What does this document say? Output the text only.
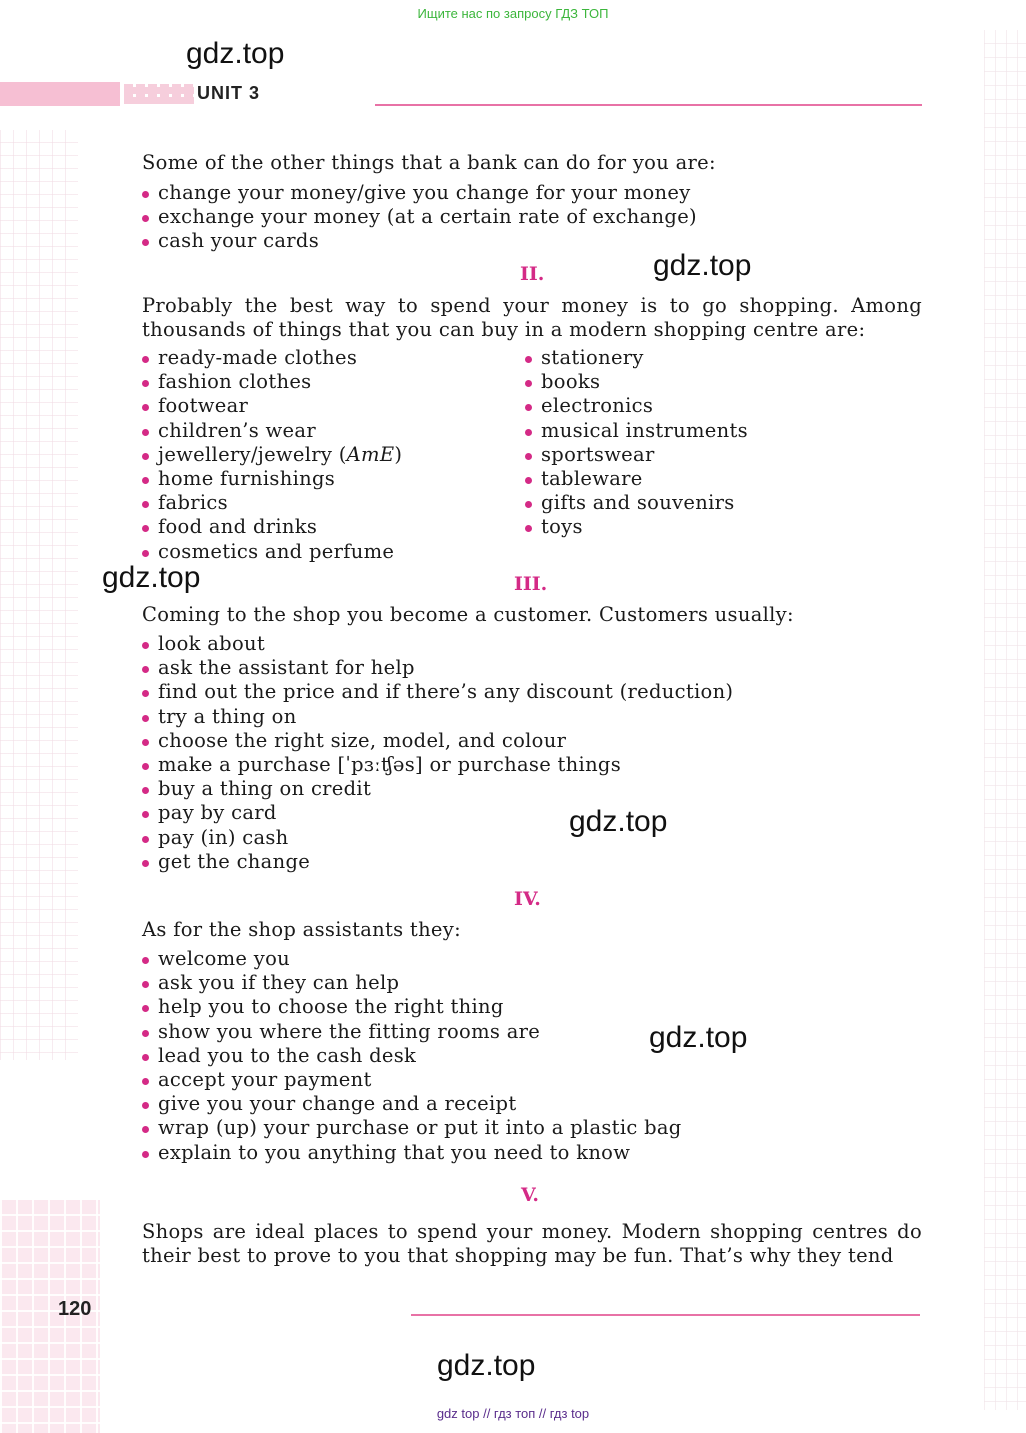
Ищите нас по запросу ГДЗ ТОП
UNIT 3
gdz.top
gdz.top
gdz.top
gdz.top
gdz.top
gdz.top
Some of the other things that a bank can do for you are:
change your money/give you change for your money
exchange your money (at a certain rate of exchange)
cash your cards
II.
Probably the best way to spend your money is to go shopping. Among thousands of things that you can buy in a modern shopping centre are:
ready-made clothes
fashion clothes
footwear
children’s wear
jewellery/jewelry (AmE)
home furnishings
fabrics
food and drinks
cosmetics and perfume
stationery
books
electronics
musical instruments
sportswear
tableware
gifts and souvenirs
toys
III.
Coming to the shop you become a customer. Customers usually:
look about
ask the assistant for help
find out the price and if there’s any discount (reduction)
try a thing on
choose the right size, model, and colour
make a purchase [ˈpɜːʧəs] or purchase things
buy a thing on credit
pay by card
pay (in) cash
get the change
IV.
As for the shop assistants they:
welcome you
ask you if they can help
help you to choose the right thing
show you where the fitting rooms are
lead you to the cash desk
accept your payment
give you your change and a receipt
wrap (up) your purchase or put it into a plastic bag
explain to you anything that you need to know
V.
Shops are ideal places to spend your money. Modern shopping centres do their best to prove to you that shopping may be fun. That’s why they tend
120
gdz top // гдз топ // гдз top
